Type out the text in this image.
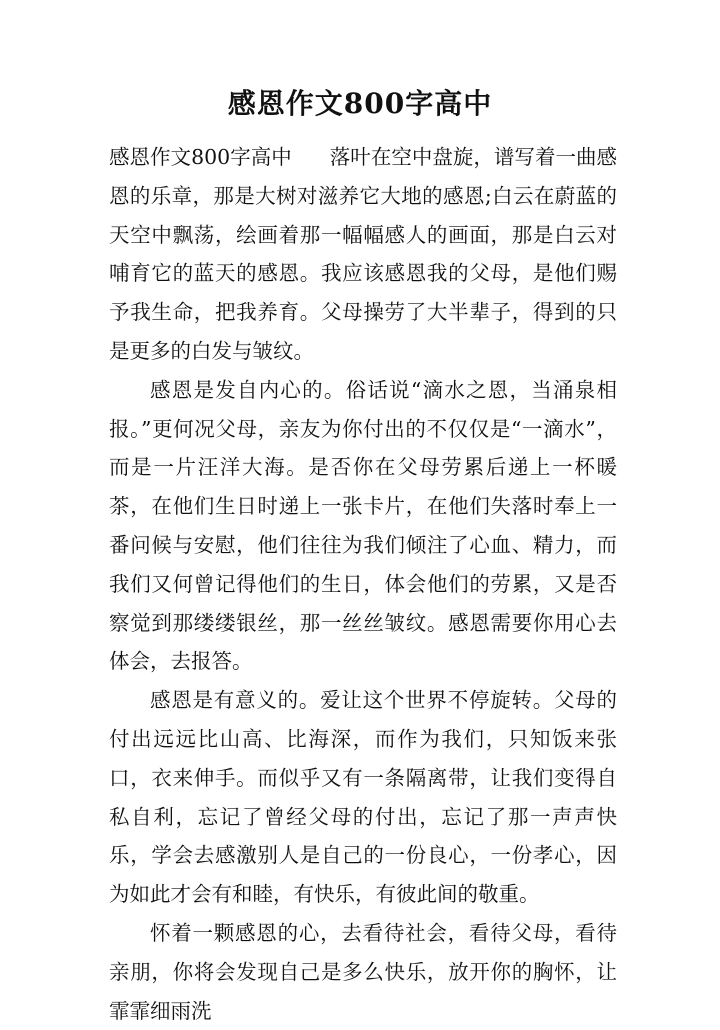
感恩作文800字高中

感恩作文800字高中 落叶在空中盘旋，谱写着一曲感恩的乐章，那是大树对滋养它大地的感恩;白云在蔚蓝的天空中飘荡，绘画着那一幅幅感人的画面，那是白云对哺育它的蓝天的感恩。我应该感恩我的父母，是他们赐予我生命，把我养育。父母操劳了大半辈子，得到的只是更多的白发与皱纹。

感恩是发自内心的。俗话说“滴水之恩，当涌泉相报。”更何况父母，亲友为你付出的不仅仅是“一滴水”，而是一片汪洋大海。是否你在父母劳累后递上一杯暖茶，在他们生日时递上一张卡片，在他们失落时奉上一番问候与安慰，他们往往为我们倾注了心血、精力，而我们又何曾记得他们的生日，体会他们的劳累，又是否察觉到那缕缕银丝，那一丝丝皱纹。感恩需要你用心去体会，去报答。

感恩是有意义的。爱让这个世界不停旋转。父母的付出远远比山高、比海深，而作为我们，只知饭来张口，衣来伸手。而似乎又有一条隔离带，让我们变得自私自利，忘记了曾经父母的付出，忘记了那一声声快乐，学会去感激别人是自己的一份良心，一份孝心，因为如此才会有和睦，有快乐，有彼此间的敬重。

怀着一颗感恩的心，去看待社会，看待父母，看待亲朋，你将会发现自己是多么快乐，放开你的胸怀，让霏霏细雨洗
